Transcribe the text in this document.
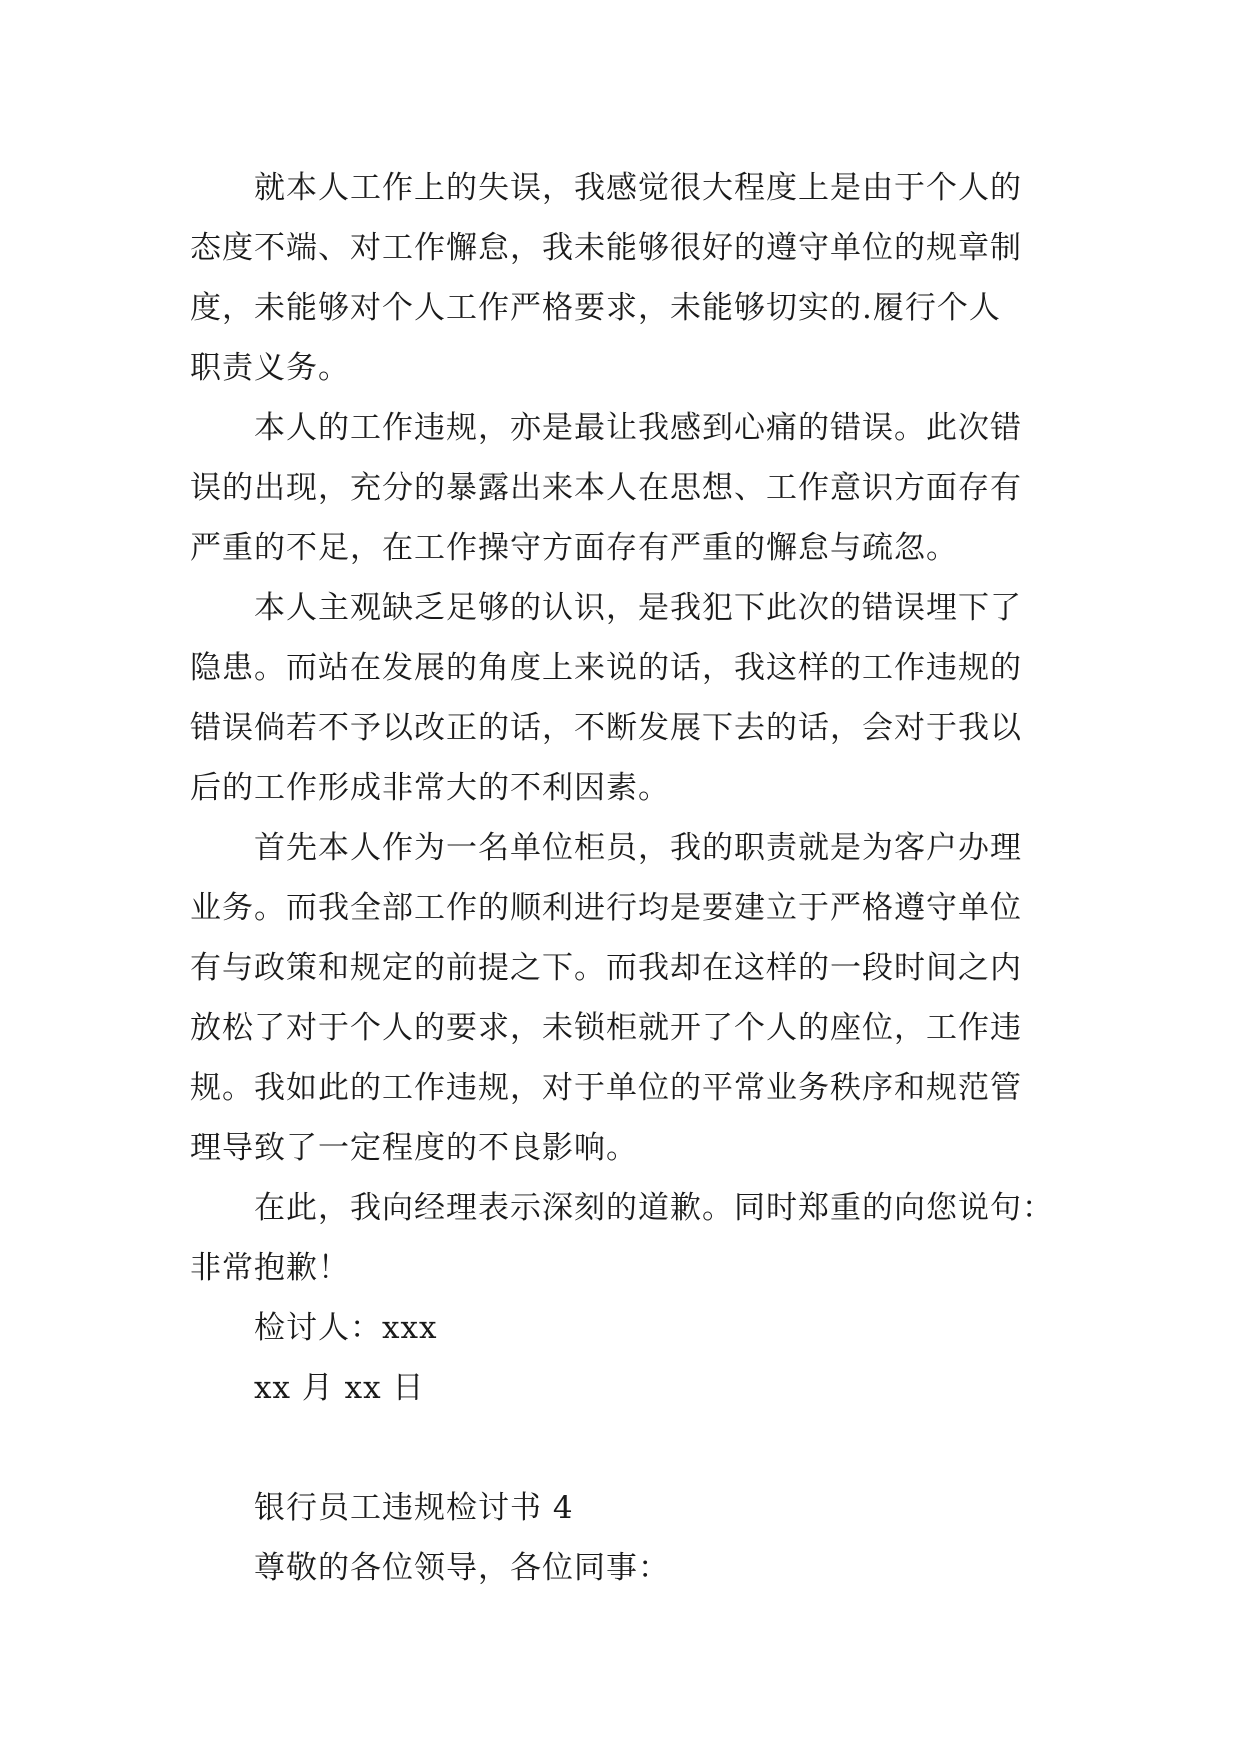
就本人工作上的失误，我感觉很大程度上是由于个人的
态度不端、对工作懈怠，我未能够很好的遵守单位的规章制
度，未能够对个人工作严格要求，未能够切实的.履行个人
职责义务。
本人的工作违规，亦是最让我感到心痛的错误。此次错
误的出现，充分的暴露出来本人在思想、工作意识方面存有
严重的不足，在工作操守方面存有严重的懈怠与疏忽。
本人主观缺乏足够的认识，是我犯下此次的错误埋下了
隐患。而站在发展的角度上来说的话，我这样的工作违规的
错误倘若不予以改正的话，不断发展下去的话，会对于我以
后的工作形成非常大的不利因素。
首先本人作为一名单位柜员，我的职责就是为客户办理
业务。而我全部工作的顺利进行均是要建立于严格遵守单位
有与政策和规定的前提之下。而我却在这样的一段时间之内
放松了对于个人的要求，未锁柜就开了个人的座位，工作违
规。我如此的工作违规，对于单位的平常业务秩序和规范管
理导致了一定程度的不良影响。
在此，我向经理表示深刻的道歉。同时郑重的向您说句：
非常抱歉！
检讨人：xxx
xx 月 xx 日
银行员工违规检讨书 4
尊敬的各位领导，各位同事：
